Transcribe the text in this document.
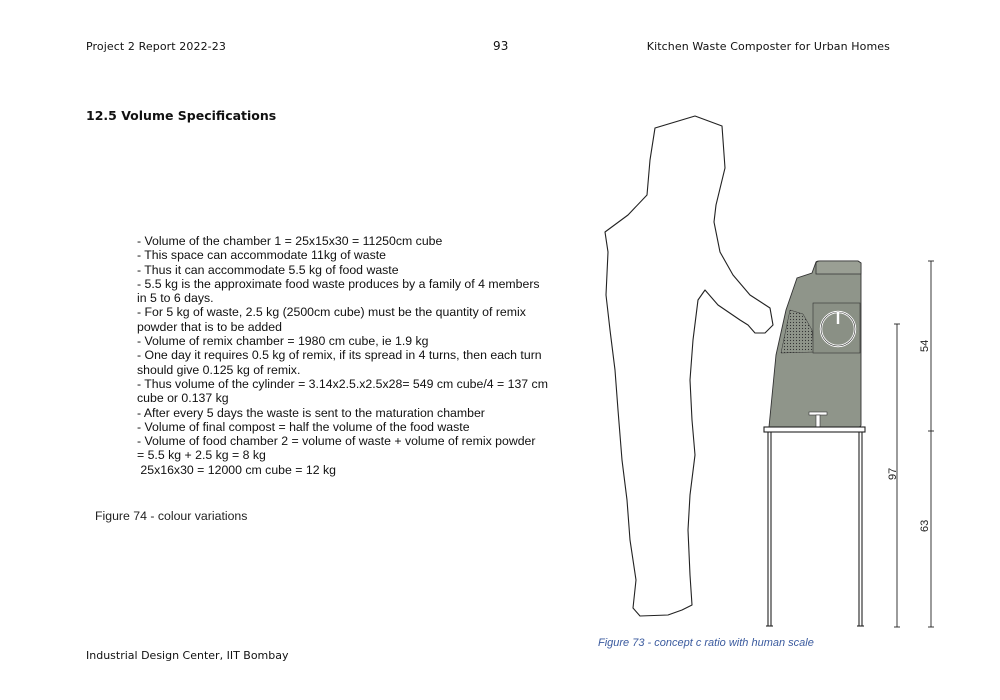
Project 2 Report 2022-23	93	Kitchen Waste Composter for Urban Homes
12.5 Volume Specifications
- Volume of the chamber 1 = 25x15x30 = 11250cm cube
- This space can accommodate 11kg of waste
- Thus it can accommodate 5.5 kg of food waste
- 5.5 kg is the approximate food waste produces by a family of 4 members in 5 to 6 days.
- For 5 kg of waste, 2.5 kg (2500cm cube) must be the quantity of remix powder that is to be added
- Volume of remix chamber = 1980 cm cube, ie 1.9 kg
- One day it requires 0.5 kg of remix, if its spread in 4 turns, then each turn should give 0.125 kg of remix.
- Thus volume of the cylinder = 3.14x2.5.x2.5x28= 549 cm cube/4 = 137 cm cube or 0.137 kg
- After every 5 days the waste is sent to the maturation chamber
- Volume of final compost = half the volume of the food waste
- Volume of food chamber 2 = volume of waste + volume of remix powder
= 5.5 kg + 2.5 kg = 8 kg
25x16x30 = 12000 cm cube = 12 kg
Figure 74 - colour variations
54
97
63
Figure 73 - concept c ratio with human scale
Industrial Design Center, IIT Bombay
